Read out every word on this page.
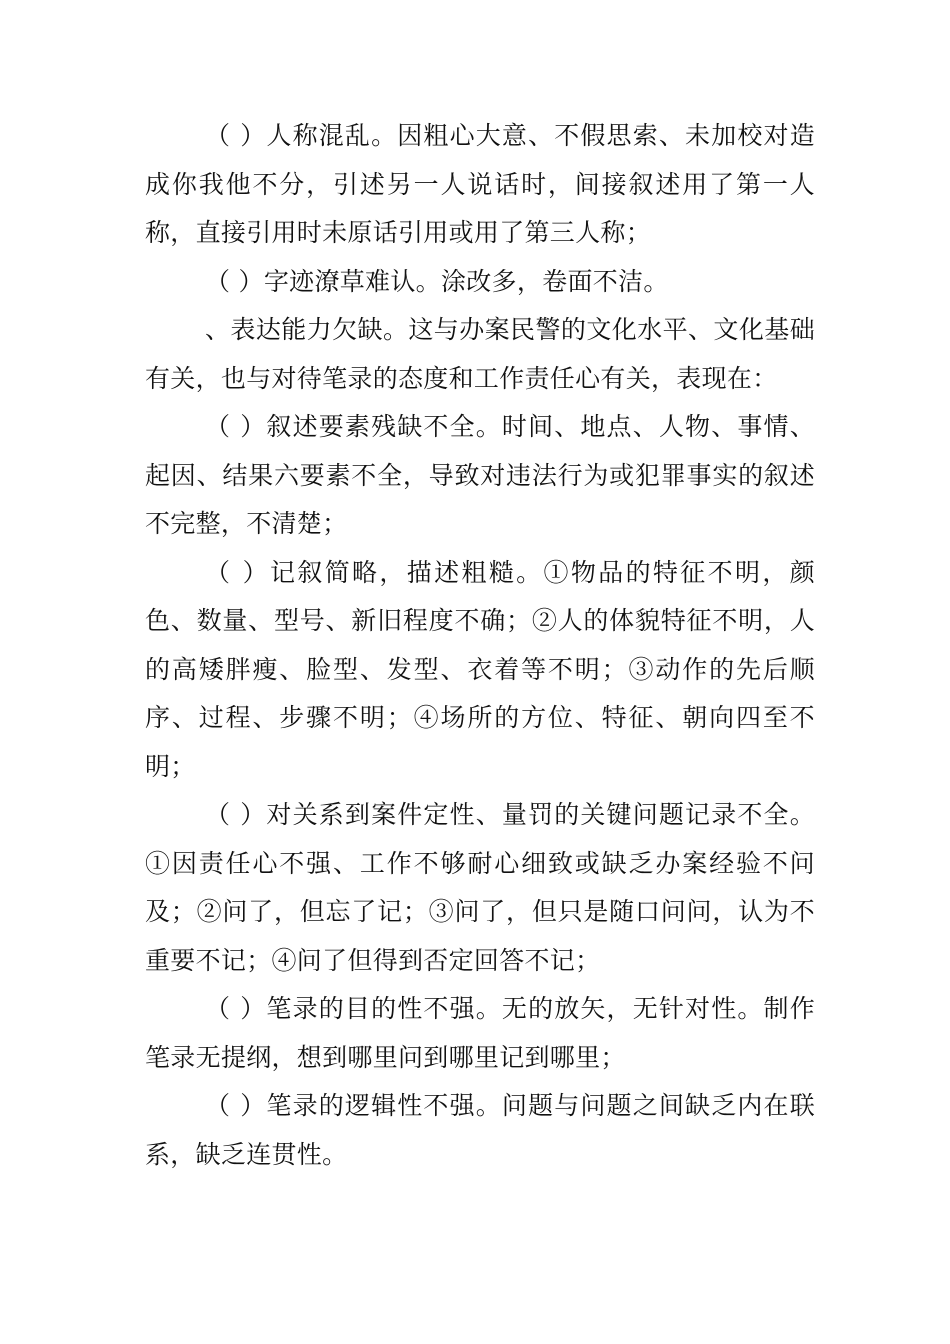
（ ）人称混乱。因粗心大意、不假思索、未加校对造成你我他不分，引述另一人说话时，间接叙述用了第一人称，直接引用时未原话引用或用了第三人称；

（ ）字迹潦草难认。涂改多，卷面不洁。

、表达能力欠缺。这与办案民警的文化水平、文化基础有关，也与对待笔录的态度和工作责任心有关，表现在：

（ ）叙述要素残缺不全。时间、地点、人物、事情、起因、结果六要素不全，导致对违法行为或犯罪事实的叙述不完整，不清楚；

（ ）记叙简略，描述粗糙。①物品的特征不明，颜色、数量、型号、新旧程度不确；②人的体貌特征不明，人的高矮胖瘦、脸型、发型、衣着等不明；③动作的先后顺序、过程、步骤不明；④场所的方位、特征、朝向四至不明；

（ ）对关系到案件定性、量罚的关键问题记录不全。①因责任心不强、工作不够耐心细致或缺乏办案经验不问及；②问了，但忘了记；③问了，但只是随口问问，认为不重要不记；④问了但得到否定回答不记；

（ ）笔录的目的性不强。无的放矢，无针对性。制作笔录无提纲，想到哪里问到哪里记到哪里；

（ ）笔录的逻辑性不强。问题与问题之间缺乏内在联系，缺乏连贯性。
